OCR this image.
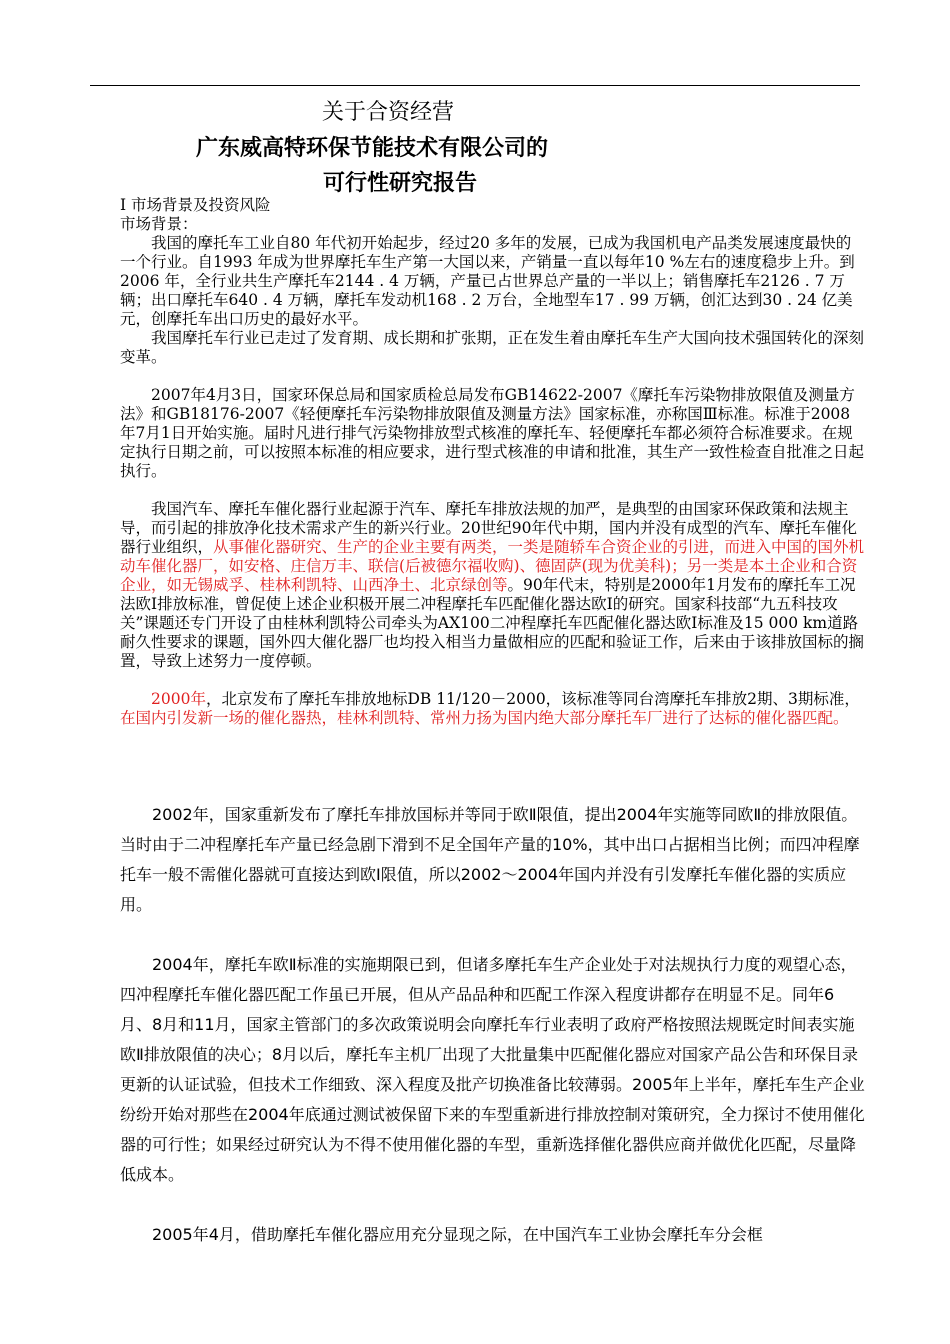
关于合资经营
广东威高特环保节能技术有限公司的
可行性研究报告

I 市场背景及投资风险

市场背景：

我国的摩托车工业自80 年代初开始起步，经过20 多年的发展，已成为我国机电产品类发展速度最快的一个行业。自1993 年成为世界摩托车生产第一大国以来，产销量一直以每年10 %左右的速度稳步上升。到2006 年，全行业共生产摩托车2144 . 4 万辆，产量已占世界总产量的一半以上；销售摩托车2126 . 7 万辆；出口摩托车640 . 4 万辆，摩托车发动机168 . 2 万台，全地型车17 . 99 万辆，创汇达到30 . 24 亿美元，创摩托车出口历史的最好水平。

我国摩托车行业已走过了发育期、成长期和扩张期，正在发生着由摩托车生产大国向技术强国转化的深刻变革。

2007年4月3日，国家环保总局和国家质检总局发布GB14622-2007《摩托车污染物排放限值及测量方法》和GB18176-2007《轻便摩托车污染物排放限值及测量方法》国家标准，亦称国Ⅲ标准。标准于2008年7月1日开始实施。届时凡进行排气污染物排放型式核准的摩托车、轻便摩托车都必须符合标准要求。在规定执行日期之前，可以按照本标准的相应要求，进行型式核准的申请和批准，其生产一致性检查自批准之日起执行。

我国汽车、摩托车催化器行业起源于汽车、摩托车排放法规的加严，是典型的由国家环保政策和法规主导，而引起的排放净化技术需求产生的新兴行业。20世纪90年代中期，国内并没有成型的汽车、摩托车催化器行业组织，从事催化器研究、生产的企业主要有两类，一类是随轿车合资企业的引进，而进入中国的国外机动车催化器厂，如安格、庄信万丰、联信(后被德尔福收购)、德固萨(现为优美科)；另一类是本土企业和合资企业，如无锡威孚、桂林利凯特、山西净土、北京绿创等。90年代末，特别是2000年1月发布的摩托车工况法欧Ⅰ排放标准，曾促使上述企业积极开展二冲程摩托车匹配催化器达欧Ⅰ的研究。国家科技部“九五科技攻关”课题还专门开设了由桂林利凯特公司牵头为AX100二冲程摩托车匹配催化器达欧Ⅰ标准及15 000 km道路耐久性要求的课题，国外四大催化器厂也均投入相当力量做相应的匹配和验证工作，后来由于该排放国标的搁置，导致上述努力一度停顿。

2000年，北京发布了摩托车排放地标DB 11/120－2000，该标准等同台湾摩托车排放2期、3期标准，在国内引发新一场的催化器热，桂林利凯特、常州力扬为国内绝大部分摩托车厂进行了达标的催化器匹配。

2002年，国家重新发布了摩托车排放国标并等同于欧Ⅱ限值，提出2004年实施等同欧Ⅱ的排放限值。当时由于二冲程摩托车产量已经急剧下滑到不足全国年产量的10%，其中出口占据相当比例；而四冲程摩托车一般不需催化器就可直接达到欧Ⅰ限值，所以2002～2004年国内并没有引发摩托车催化器的实质应用。

2004年，摩托车欧Ⅱ标准的实施期限已到，但诸多摩托车生产企业处于对法规执行力度的观望心态，四冲程摩托车催化器匹配工作虽已开展，但从产品品种和匹配工作深入程度讲都存在明显不足。同年6月、8月和11月，国家主管部门的多次政策说明会向摩托车行业表明了政府严格按照法规既定时间表实施欧Ⅱ排放限值的决心；8月以后，摩托车主机厂出现了大批量集中匹配催化器应对国家产品公告和环保目录更新的认证试验，但技术工作细致、深入程度及批产切换准备比较薄弱。2005年上半年，摩托车生产企业纷纷开始对那些在2004年底通过测试被保留下来的车型重新进行排放控制对策研究，全力探讨不使用催化器的可行性；如果经过研究认为不得不使用催化器的车型，重新选择催化器供应商并做优化匹配，尽量降低成本。

2005年4月，借助摩托车催化器应用充分显现之际，在中国汽车工业协会摩托车分会框
